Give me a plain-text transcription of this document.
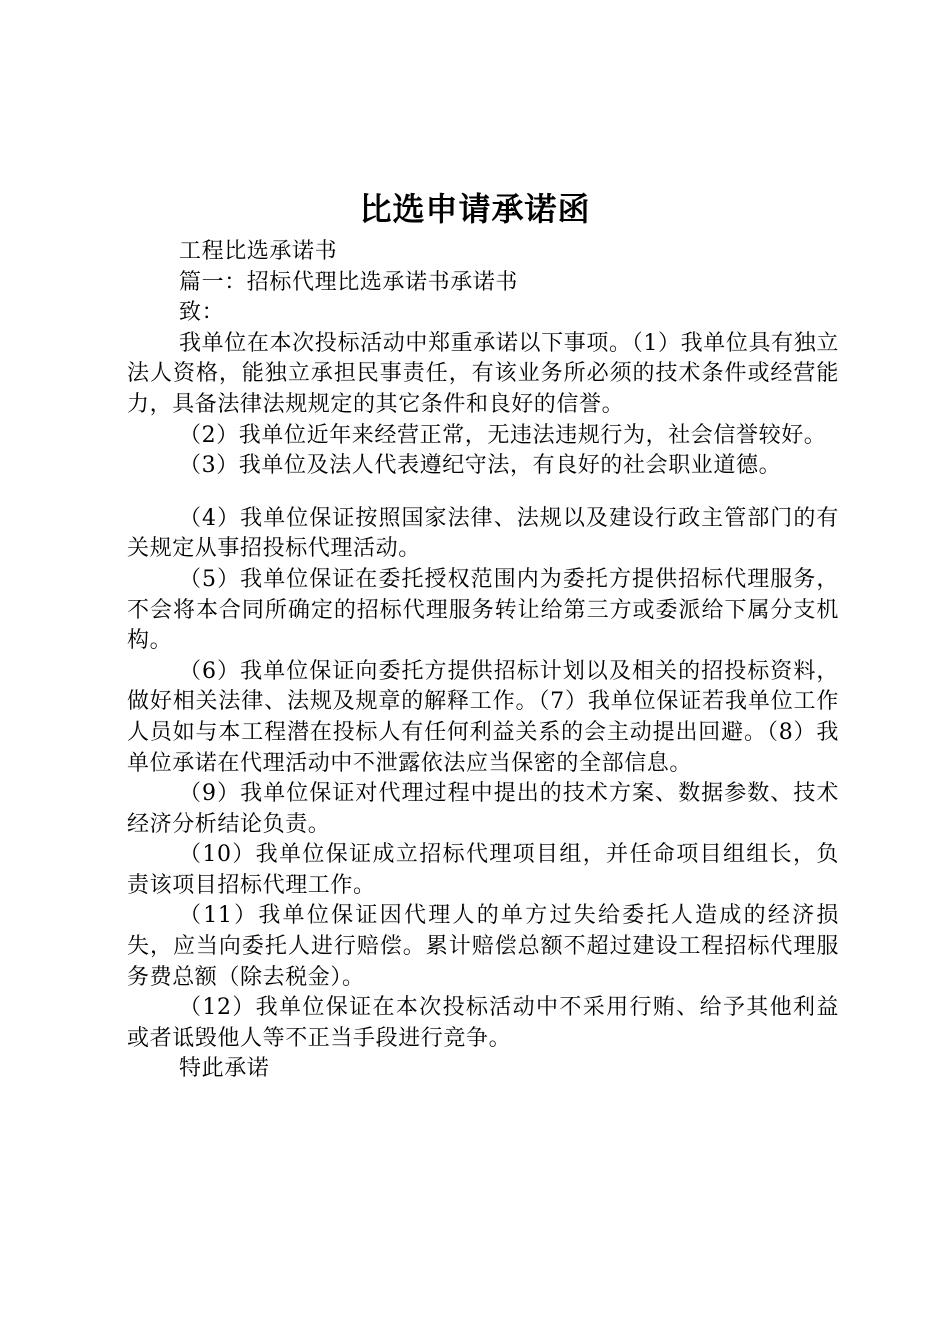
比选申请承诺函

工程比选承诺书

篇一：招标代理比选承诺书承诺书

致：

我单位在本次投标活动中郑重承诺以下事项。（1）我单位具有独立法人资格，能独立承担民事责任，有该业务所必须的技术条件或经营能力，具备法律法规规定的其它条件和良好的信誉。

（2）我单位近年来经营正常，无违法违规行为，社会信誉较好。

（3）我单位及法人代表遵纪守法，有良好的社会职业道德。

（4）我单位保证按照国家法律、法规以及建设行政主管部门的有关规定从事招投标代理活动。

（5）我单位保证在委托授权范围内为委托方提供招标代理服务，不会将本合同所确定的招标代理服务转让给第三方或委派给下属分支机构。

（6）我单位保证向委托方提供招标计划以及相关的招投标资料，做好相关法律、法规及规章的解释工作。（7）我单位保证若我单位工作人员如与本工程潜在投标人有任何利益关系的会主动提出回避。（8）我单位承诺在代理活动中不泄露依法应当保密的全部信息。

（9）我单位保证对代理过程中提出的技术方案、数据参数、技术经济分析结论负责。

（10）我单位保证成立招标代理项目组，并任命项目组组长，负责该项目招标代理工作。

（11）我单位保证因代理人的单方过失给委托人造成的经济损失，应当向委托人进行赔偿。累计赔偿总额不超过建设工程招标代理服务费总额（除去税金）。

（12）我单位保证在本次投标活动中不采用行贿、给予其他利益或者诋毁他人等不正当手段进行竞争。

特此承诺
